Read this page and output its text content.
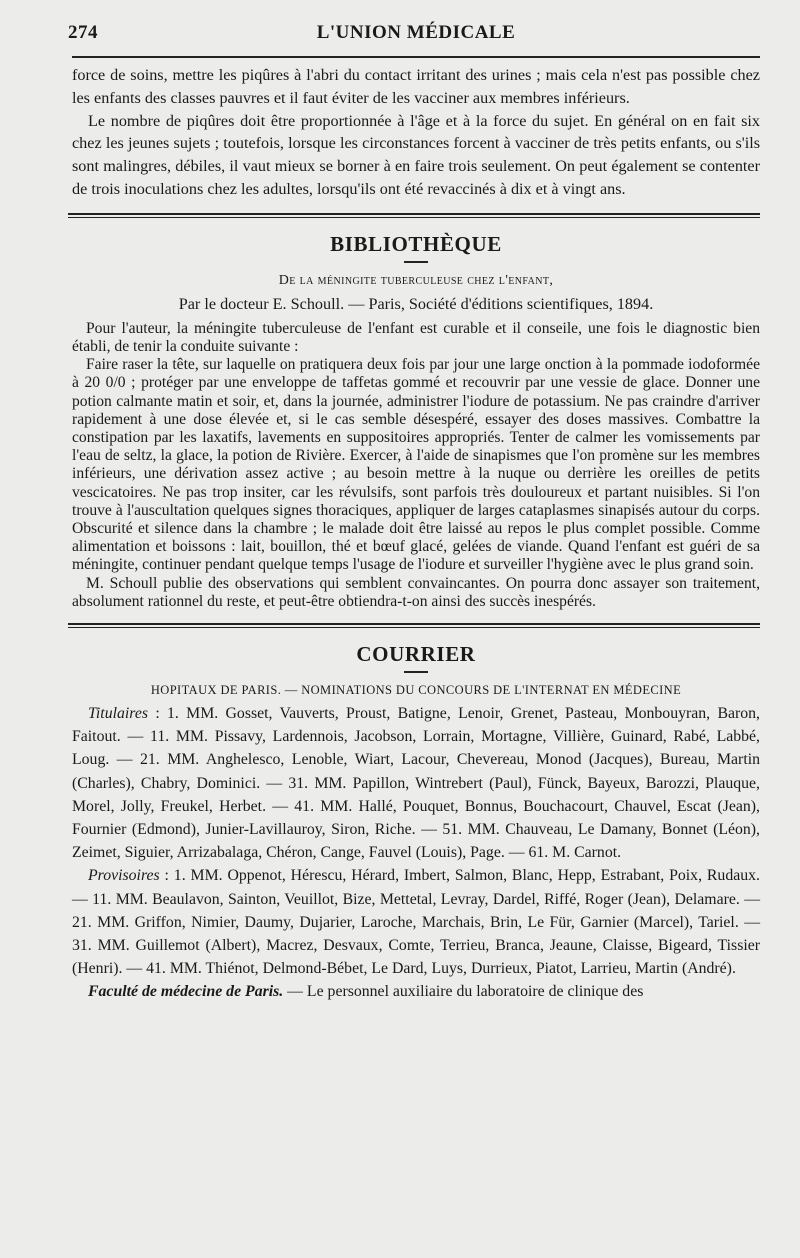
274	L'UNION MÉDICALE

force de soins, mettre les piqûres à l'abri du contact irritant des urines ; mais cela n'est pas possible chez les enfants des classes pauvres et il faut éviter de les vacciner aux membres inférieurs.

Le nombre de piqûres doit être proportionnée à l'âge et à la force du sujet. En général on en fait six chez les jeunes sujets ; toutefois, lorsque les circonstances forcent à vacciner de très petits enfants, ou s'ils sont malingres, débiles, il vaut mieux se borner à en faire trois seulement. On peut également se contenter de trois inoculations chez les adultes, lorsqu'ils ont été revaccinés à dix et à vingt ans.

BIBLIOTHÈQUE
De la méningite tuberculeuse chez l'enfant,
Par le docteur E. Schoull. — Paris, Société d'éditions scientifiques, 1894.

Pour l'auteur, la méningite tuberculeuse de l'enfant est curable et il conseile, une fois le diagnostic bien établi, de tenir la conduite suivante :

Faire raser la tête, sur laquelle on pratiquera deux fois par jour une large onction à la pommade iodoformée à 20 0/0 ; protéger par une enveloppe de taffetas gommé et recouvrir par une vessie de glace. Donner une potion calmante matin et soir, et, dans la journée, administrer l'iodure de potassium. Ne pas craindre d'arriver rapidement à une dose élevée et, si le cas semble désespéré, essayer des doses massives. Combattre la constipation par les laxatifs, lavements en suppositoires appropriés. Tenter de calmer les vomissements par l'eau de seltz, la glace, la potion de Rivière. Exercer, à l'aide de sinapismes que l'on promène sur les membres inférieurs, une dérivation assez active ; au besoin mettre à la nuque ou derrière les oreilles de petits vescicatoires. Ne pas trop insiter, car les révulsifs, sont parfois très douloureux et partant nuisibles. Si l'on trouve à l'auscultation quelques signes thoraciques, appliquer de larges cataplasmes sinapisés autour du corps. Obscurité et silence dans la chambre ; le malade doit être laissé au repos le plus complet possible. Comme alimentation et boissons : lait, bouillon, thé et bœuf glacé, gelées de viande. Quand l'enfant est guéri de sa méningite, continuer pendant quelque temps l'usage de l'iodure et surveiller l'hygiène avec le plus grand soin.

M. Schoull publie des observations qui semblent convaincantes. On pourra donc assayer son traitement, absolument rationnel du reste, et peut-être obtiendra-t-on ainsi des succès inespérés.

COURRIER
HOPITAUX DE PARIS. — NOMINATIONS DU CONCOURS DE L'INTERNAT EN MÉDECINE

Titulaires : 1. MM. Gosset, Vauverts, Proust, Batigne, Lenoir, Grenet, Pasteau, Monbouyran, Baron, Faitout. — 11. MM. Pissavy, Lardennois, Jacobson, Lorrain, Mortagne, Villière, Guinard, Rabé, Labbé, Loug. — 21. MM. Anghelesco, Lenoble, Wiart, Lacour, Chevereau, Monod (Jacques), Bureau, Martin (Charles), Chabry, Dominici. — 31. MM. Papillon, Wintrebert (Paul), Fünck, Bayeux, Barozzi, Plauque, Morel, Jolly, Freukel, Herbet. — 41. MM. Hallé, Pouquet, Bonnus, Bouchacourt, Chauvel, Escat (Jean), Fournier (Edmond), Junier-Lavillauroy, Siron, Riche. — 51. MM. Chauveau, Le Damany, Bonnet (Léon), Zeimet, Siguier, Arrizabalaga, Chéron, Cange, Fauvel (Louis), Page. — 61. M. Carnot.

Provisoires : 1. MM. Oppenot, Hérescu, Hérard, Imbert, Salmon, Blanc, Hepp, Estrabant, Poix, Rudaux. — 11. MM. Beaulavon, Sainton, Veuillot, Bize, Mettetal, Levray, Dardel, Riffé, Roger (Jean), Delamare. — 21. MM. Griffon, Nimier, Daumy, Dujarier, Laroche, Marchais, Brin, Le Für, Garnier (Marcel), Tariel. — 31. MM. Guillemot (Albert), Macrez, Desvaux, Comte, Terrieu, Branca, Jeaune, Claisse, Bigeard, Tissier (Henri). — 41. MM. Thiénot, Delmond-Bébet, Le Dard, Luys, Durrieux, Piatot, Larrieu, Martin (André).

Faculté de médecine de Paris. — Le personnel auxiliaire du laboratoire de clinique des
